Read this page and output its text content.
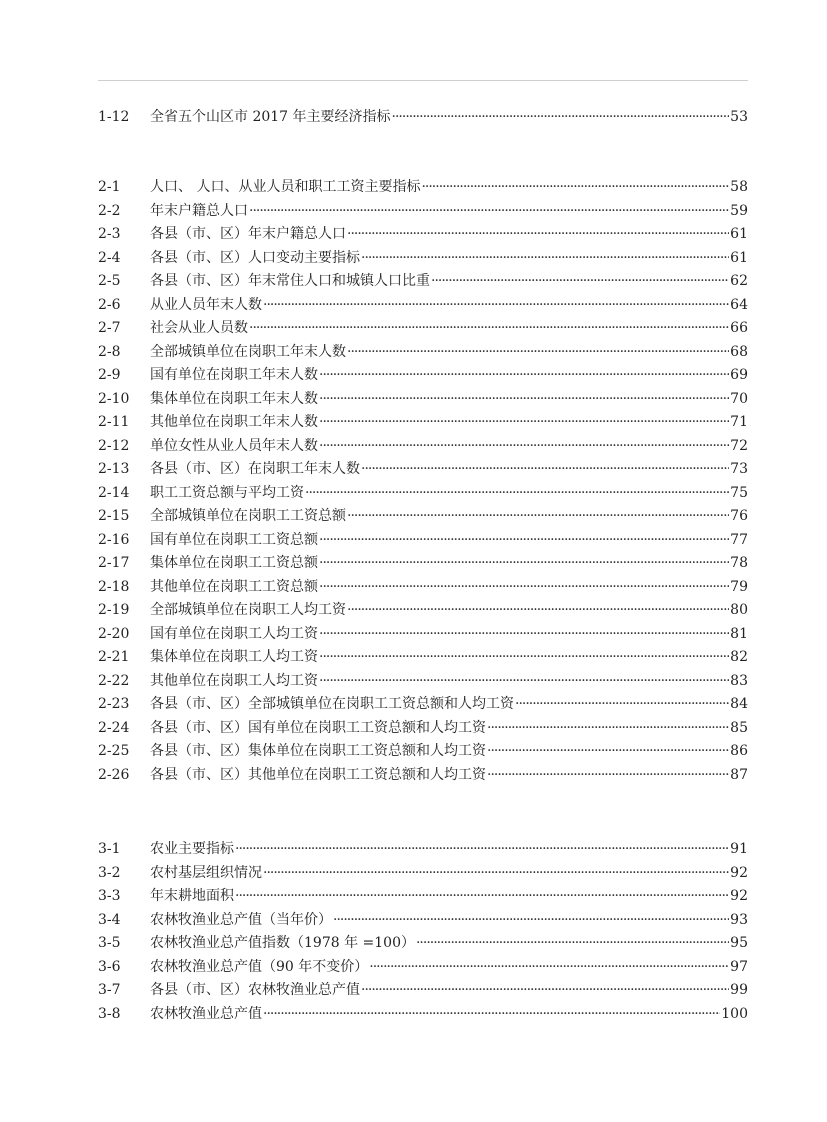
1-12	全省五个山区市 2017 年主要经济指标 ·····	53
2-1	人口、 人口、从业人员和职工工资主要指标 ·····	58
2-2	年末户籍总人口 ·····	59
2-3	各县（市、区）年末户籍总人口 ·····	61
2-4	各县（市、区）人口变动主要指标 ·····	61
2-5	各县（市、区）年末常住人口和城镇人口比重 ·····	62
2-6	从业人员年末人数 ·····	64
2-7	社会从业人员数 ·····	66
2-8	全部城镇单位在岗职工年末人数 ·····	68
2-9	国有单位在岗职工年末人数 ·····	69
2-10	集体单位在岗职工年末人数 ·····	70
2-11	其他单位在岗职工年末人数 ·····	71
2-12	单位女性从业人员年末人数 ·····	72
2-13	各县（市、区）在岗职工年末人数 ·····	73
2-14	职工工资总额与平均工资 ·····	75
2-15	全部城镇单位在岗职工工资总额 ·····	76
2-16	国有单位在岗职工工资总额 ·····	77
2-17	集体单位在岗职工工资总额 ·····	78
2-18	其他单位在岗职工工资总额 ·····	79
2-19	全部城镇单位在岗职工人均工资 ·····	80
2-20	国有单位在岗职工人均工资 ·····	81
2-21	集体单位在岗职工人均工资 ·····	82
2-22	其他单位在岗职工人均工资 ·····	83
2-23	各县（市、区）全部城镇单位在岗职工工资总额和人均工资 ·····	84
2-24	各县（市、区）国有单位在岗职工工资总额和人均工资 ·····	85
2-25	各县（市、区）集体单位在岗职工工资总额和人均工资 ·····	86
2-26	各县（市、区）其他单位在岗职工工资总额和人均工资 ·····	87
3-1	农业主要指标 ·····	91
3-2	农村基层组织情况 ·····	92
3-3	年末耕地面积 ·····	92
3-4	农林牧渔业总产值（当年价） ·····	93
3-5	农林牧渔业总产值指数（1978 年 =100） ·····	95
3-6	农林牧渔业总产值（90 年不变价） ·····	97
3-7	各县（市、区）农林牧渔业总产值 ·····	99
3-8	农林牧渔业总产值 ·····	100
